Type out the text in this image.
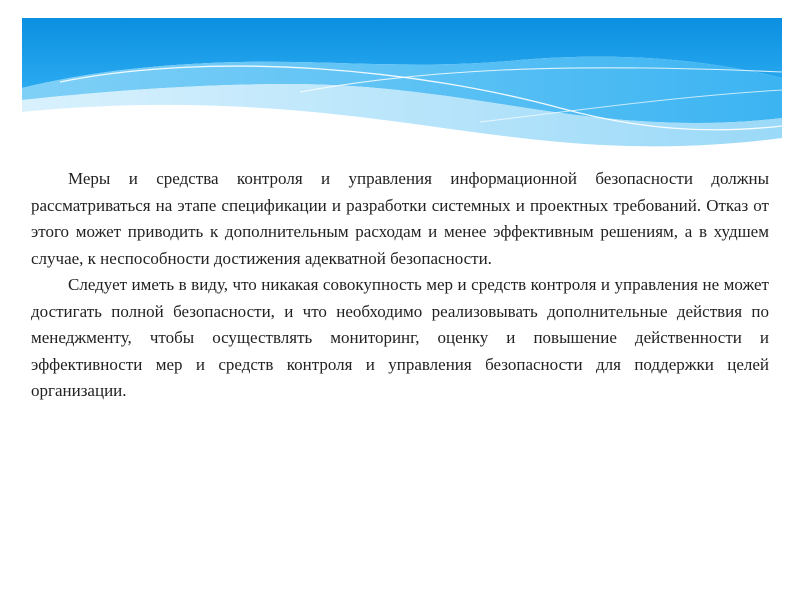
Меры и средства контроля и управления информационной безопасности должны рассматриваться на этапе спецификации и разработки системных и проектных требований. Отказ от этого может приводить к дополнительным расходам и менее эффективным решениям, а в худшем случае, к неспособности достижения адекватной безопасности.

Следует иметь в виду, что никакая совокупность мер и средств контроля и управления не может достигать полной безопасности, и что необходимо реализовывать дополнительные действия по менеджменту, чтобы осуществлять мониторинг, оценку и повышение действенности и эффективности мер и средств контроля и управления безопасности для поддержки целей организации.
